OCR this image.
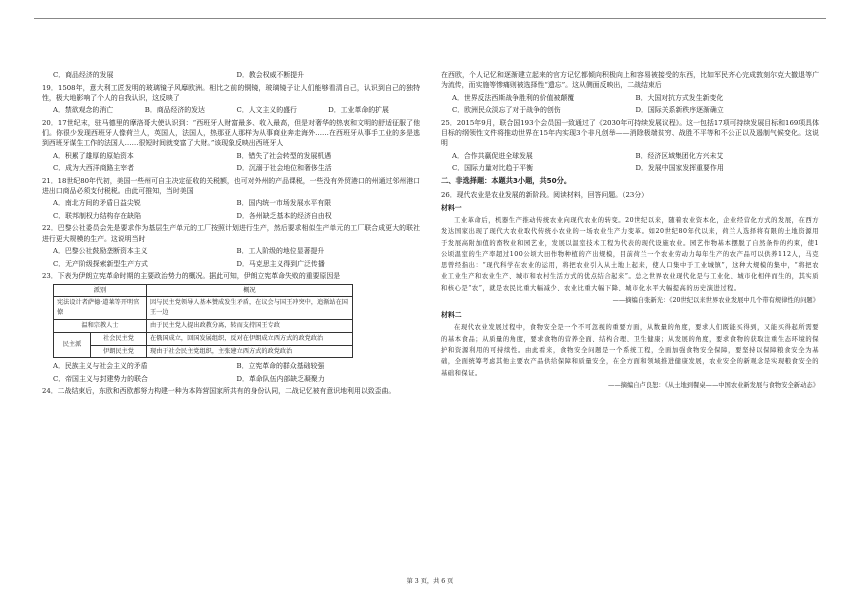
C．商品经济的发展	D．教会权威不断提升

19．1508年，意大利工匠发明的玻璃镜子风靡欧洲。相比之前的铜镜，玻璃镜子让人们能够看清自己，认识到自己的独特性，极大地影响了个人的自我认识，这反映了

A．禁欲观念的消亡	B．商品经济的发达	C．人文主义的盛行	D．工业革命的扩展

20．17世纪末，驻马德里的摩洛哥大使认识到：“西班牙人财富最多、收入最高，但是对奢华的热衷和文明的舒适征服了他们。你很少发现西班牙人像荷兰人，英国人，法国人，热那亚人那样为从事商业奔走海外……在西班牙从事手工业的多是逃到西班牙谋生工作的法国人……很短时间就变富了大财。”该现象反映出西班牙人

A．积累了雄厚的原始资本	B．错失了社会转型的发展机遇
C．成为大西洋商路主宰者	D．沉溺于社会地位和奢侈生活

21．18世纪80年代初，美国一些州可自主决定征收的关税额，也可对外州的产品课税，一些没有外贸港口的州通过邻州港口进出口商品必须支付税税。由此可推知，当时美国

A．南北方间的矛盾日益尖锐	B．国内统一市场发展水平有限
C．联邦制权力结构存在缺陷	D．各州缺乏基本的经济自由权

22．巴黎公社委员会先是要求作为基层生产单元的工厂按照计划进行生产，然后要求相似生产单元的工厂联合成更大的联社进行更大规模的生产。这说明当时

A．巴黎公社鼓励垄断资本主义	B．工人阶级的地位显著提升
C．无产阶级探索新型生产方式	D．马克思主义得到广泛传播

23．下表为伊朗立宪革命时期的主要政治势力的概况。据此可知，伊朗立宪革命失败的重要原因是

派别		概况
宪法设计者萨德·道莱等开明官僚		因与民主党领导人基本赞成发生矛盾，在议会与国王冲突中，追渐站在国王一边
温和宗教人士		由于民主党人提出政教分离，转而支持国王专政
民主派	社会民主党	在俄国成立，回国发展组织，反对在伊朗成立西方式的政党政治
	伊朗民主党	现由于社会民主党组织，主张建立西方式的政党政治
A．民族主义与社会主义的矛盾	B．立宪革命的群众基础较强
C．帝国主义与封建势力的联合	D．革命队伍内部缺乏凝聚力

24．二战结束后，东欧和西欧都努力构建一种为本阵营国家所共有的身份认同，二战记忆被有意识地利用以致歪曲。

在西欧，个人记忆和逐渐建立起来的官方记忆都倾向积极向上和容易被接受的东西，比如军民齐心完成敦刻尔克大撤退等广为流传，而实施等惨痛则被选择性“遗忘”。这从侧面反映出，二战结束后

A．世界反法西斯战争胜利的价值被颠覆	B．大国对抗方式发生新变化
C．欧洲民众淡忘了对于战争的创伤	D．国际关系新秩序逐渐确立

25．2015年9月，联合国193个会员国一致通过了《2030年可持续发展议程》。这一包括17项可持续发展目标和169项具体目标的纲领性文件将推动世界在15年内实现3个非凡创举——消除极端贫穷、战胜不平等和不公正以及遏制气候变化。这说明

A．合作共赢促进全球发展	B．经济区域集团化方兴未艾
C．国际力量对比趋于平衡	D．发展中国家发挥重要作用
二、非选择题：本题共3小题，共50分。

26．现代农业是农业发展的新阶段。阅读材料，回答问题。（23分）

材料一

工业革命后，机器生产推动传统农业向现代农业的转变。20世纪以来，随着农业资本化，企业经营化方式的发展，在西方发达国家出现了现代大农业取代传统小农业的一场农业生产力变革。如20世纪80年代以来，荷兰人选择将有限的土地资源用于发展高附加值的畜牧业和园艺业，发展以温室技术工程为代表的现代设施农业。园艺作物基本摆脱了自然条件的约束，使1公顷温室的生产率超过100公顷大田作物种植的产出规模，目前荷兰一个农业劳动力每年生产的农产品可以供养112人，马克思曾经指出：“现代科学在农业的运用，将把农业引入从土地上起来，使人口集中于工业城镇”，这种大规模的集中，“将把农业工业生产和农业生产、城市和农村生活方式的优点结合起来”。总之世界农业现代化是与工业化、城市化相伴而生的，其实质和核心是“农”，就是农民比重大幅减少、农业比重大幅下降、城市化水平大幅提高的历史演进过程。

——摘编自张新光：《20世纪以来世界农业发展中几个带有规律性的问题》
材料二

在现代农业发展过程中，食物安全是一个不可忽视的重要方面，从数量的角度，要求人们既能买得到，又能买得起所需要的基本食品；从质量的角度，要求食物的营养全面、结构合理、卫生健康；从发展的角度，要求食物的获取注重生态环境的保护和资源利用的可持续性。由此看来，食物安全问题是一个系统工程，全面加强食物安全保障，要坚持以保障粮食安全为基础，全面统筹考虑其他主要农产品供给保障和质量安全，在全方面和领域推进健康发展，农业安全的新观念是实现粮食安全的基础和保证。

——摘编自卢良恕：《从土地到餐桌——中国农业新发展与食物安全新动态》
第 3 页，共 6 页
